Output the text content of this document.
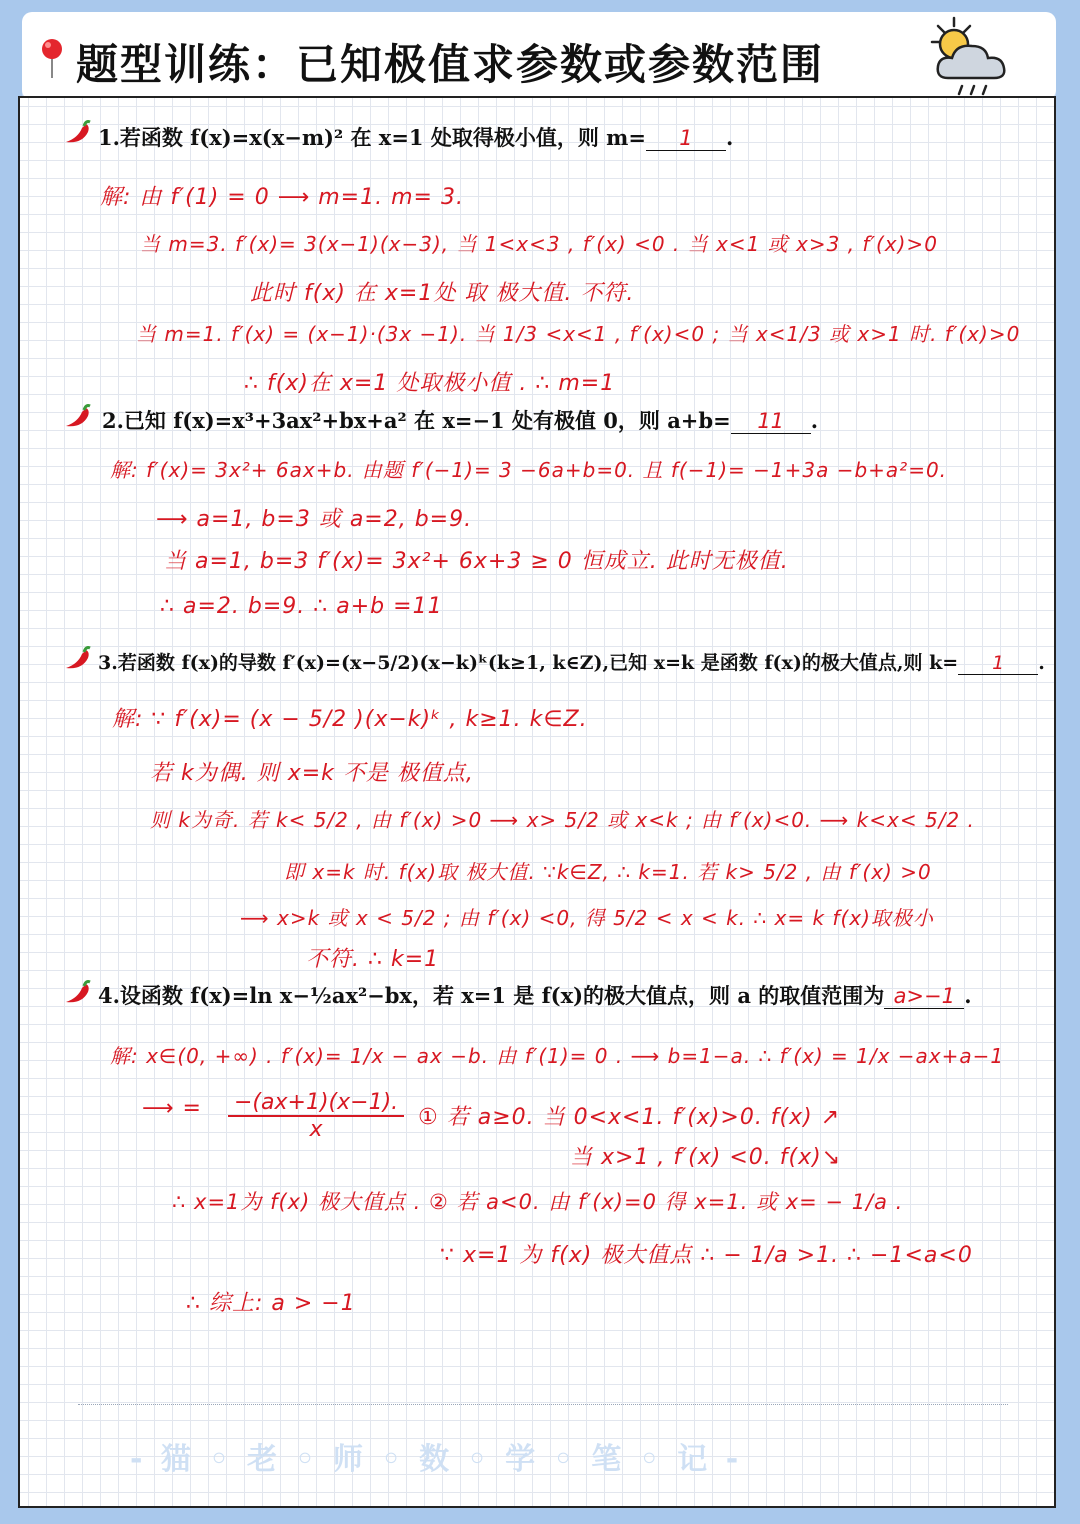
题型训练：已知极值求参数或参数范围
1.若函数 f(x)=x(x−m)² 在 x=1 处取得极小值，则 m= 1 .
解: 由 f′(1) = 0 ⟶ m=1. m= 3.
当 m=3. f′(x)= 3(x−1)(x−3), 当 1<x<3 , f′(x) <0 . 当 x<1 或 x>3 , f′(x)>0
此时 f(x) 在 x=1处 取 极大值. 不符.
当 m=1. f′(x) = (x−1)·(3x −1). 当 1/3 <x<1 , f′(x)<0 ; 当 x<1/3 或 x>1 时. f′(x)>0
∴ f(x)在 x=1 处取极小值 . ∴ m=1
2.已知 f(x)=x³+3ax²+bx+a² 在 x=−1 处有极值 0，则 a+b= 11 .
解: f′(x)= 3x²+ 6ax+b. 由题 f′(−1)= 3 −6a+b=0. 且 f(−1)= −1+3a −b+a²=0.
⟶ a=1, b=3 或 a=2, b=9.
当 a=1, b=3 f′(x)= 3x²+ 6x+3 ≥ 0 恒成立. 此时无极值.
∴ a=2. b=9. ∴ a+b =11
3.若函数 f(x)的导数 f′(x)=(x−5/2)(x−k)ᵏ(k≥1, k∈Z),已知 x=k 是函数 f(x)的极大值点,则 k= 1 .
解: ∵ f′(x)= (x − 5/2 )(x−k)ᵏ , k≥1. k∈Z.
若 k为偶. 则 x=k 不是 极值点,
则 k为奇. 若 k< 5/2 , 由 f′(x) >0 ⟶ x> 5/2 或 x<k ; 由 f′(x)<0. ⟶ k<x< 5/2 .
即 x=k 时. f(x)取 极大值. ∵k∈Z, ∴ k=1. 若 k> 5/2 , 由 f′(x) >0
⟶ x>k 或 x < 5/2 ; 由 f′(x) <0, 得 5/2 < x < k. ∴ x= k f(x)取极小
不符. ∴ k=1
4.设函数 f(x)=ln x−½ax²−bx，若 x=1 是 f(x)的极大值点，则 a 的取值范围为 a>−1 .
解: x∈(0, +∞) . f′(x)= 1/x − ax −b. 由 f′(1)= 0 . ⟶ b=1−a. ∴ f′(x) = 1/x −ax+a−1
⟶ = $\frac{-(ax+1)(x-1).}{x}$ ① 若 a≥0. 当 0<x<1. f′(x)>0. f(x) ↗
当 x>1 , f′(x) <0. f(x)↘
∴ x=1为 f(x) 极大值点 . ② 若 a<0. 由 f′(x)=0 得 x=1. 或 x= − 1/a .
∵ x=1 为 f(x) 极大值点 ∴ − 1/a >1. ∴ −1<a<0
∴ 综上: a > −1
- 猫 ◦ 老 ◦ 师 ◦ 数 ◦ 学 ◦ 笔 ◦ 记 -
